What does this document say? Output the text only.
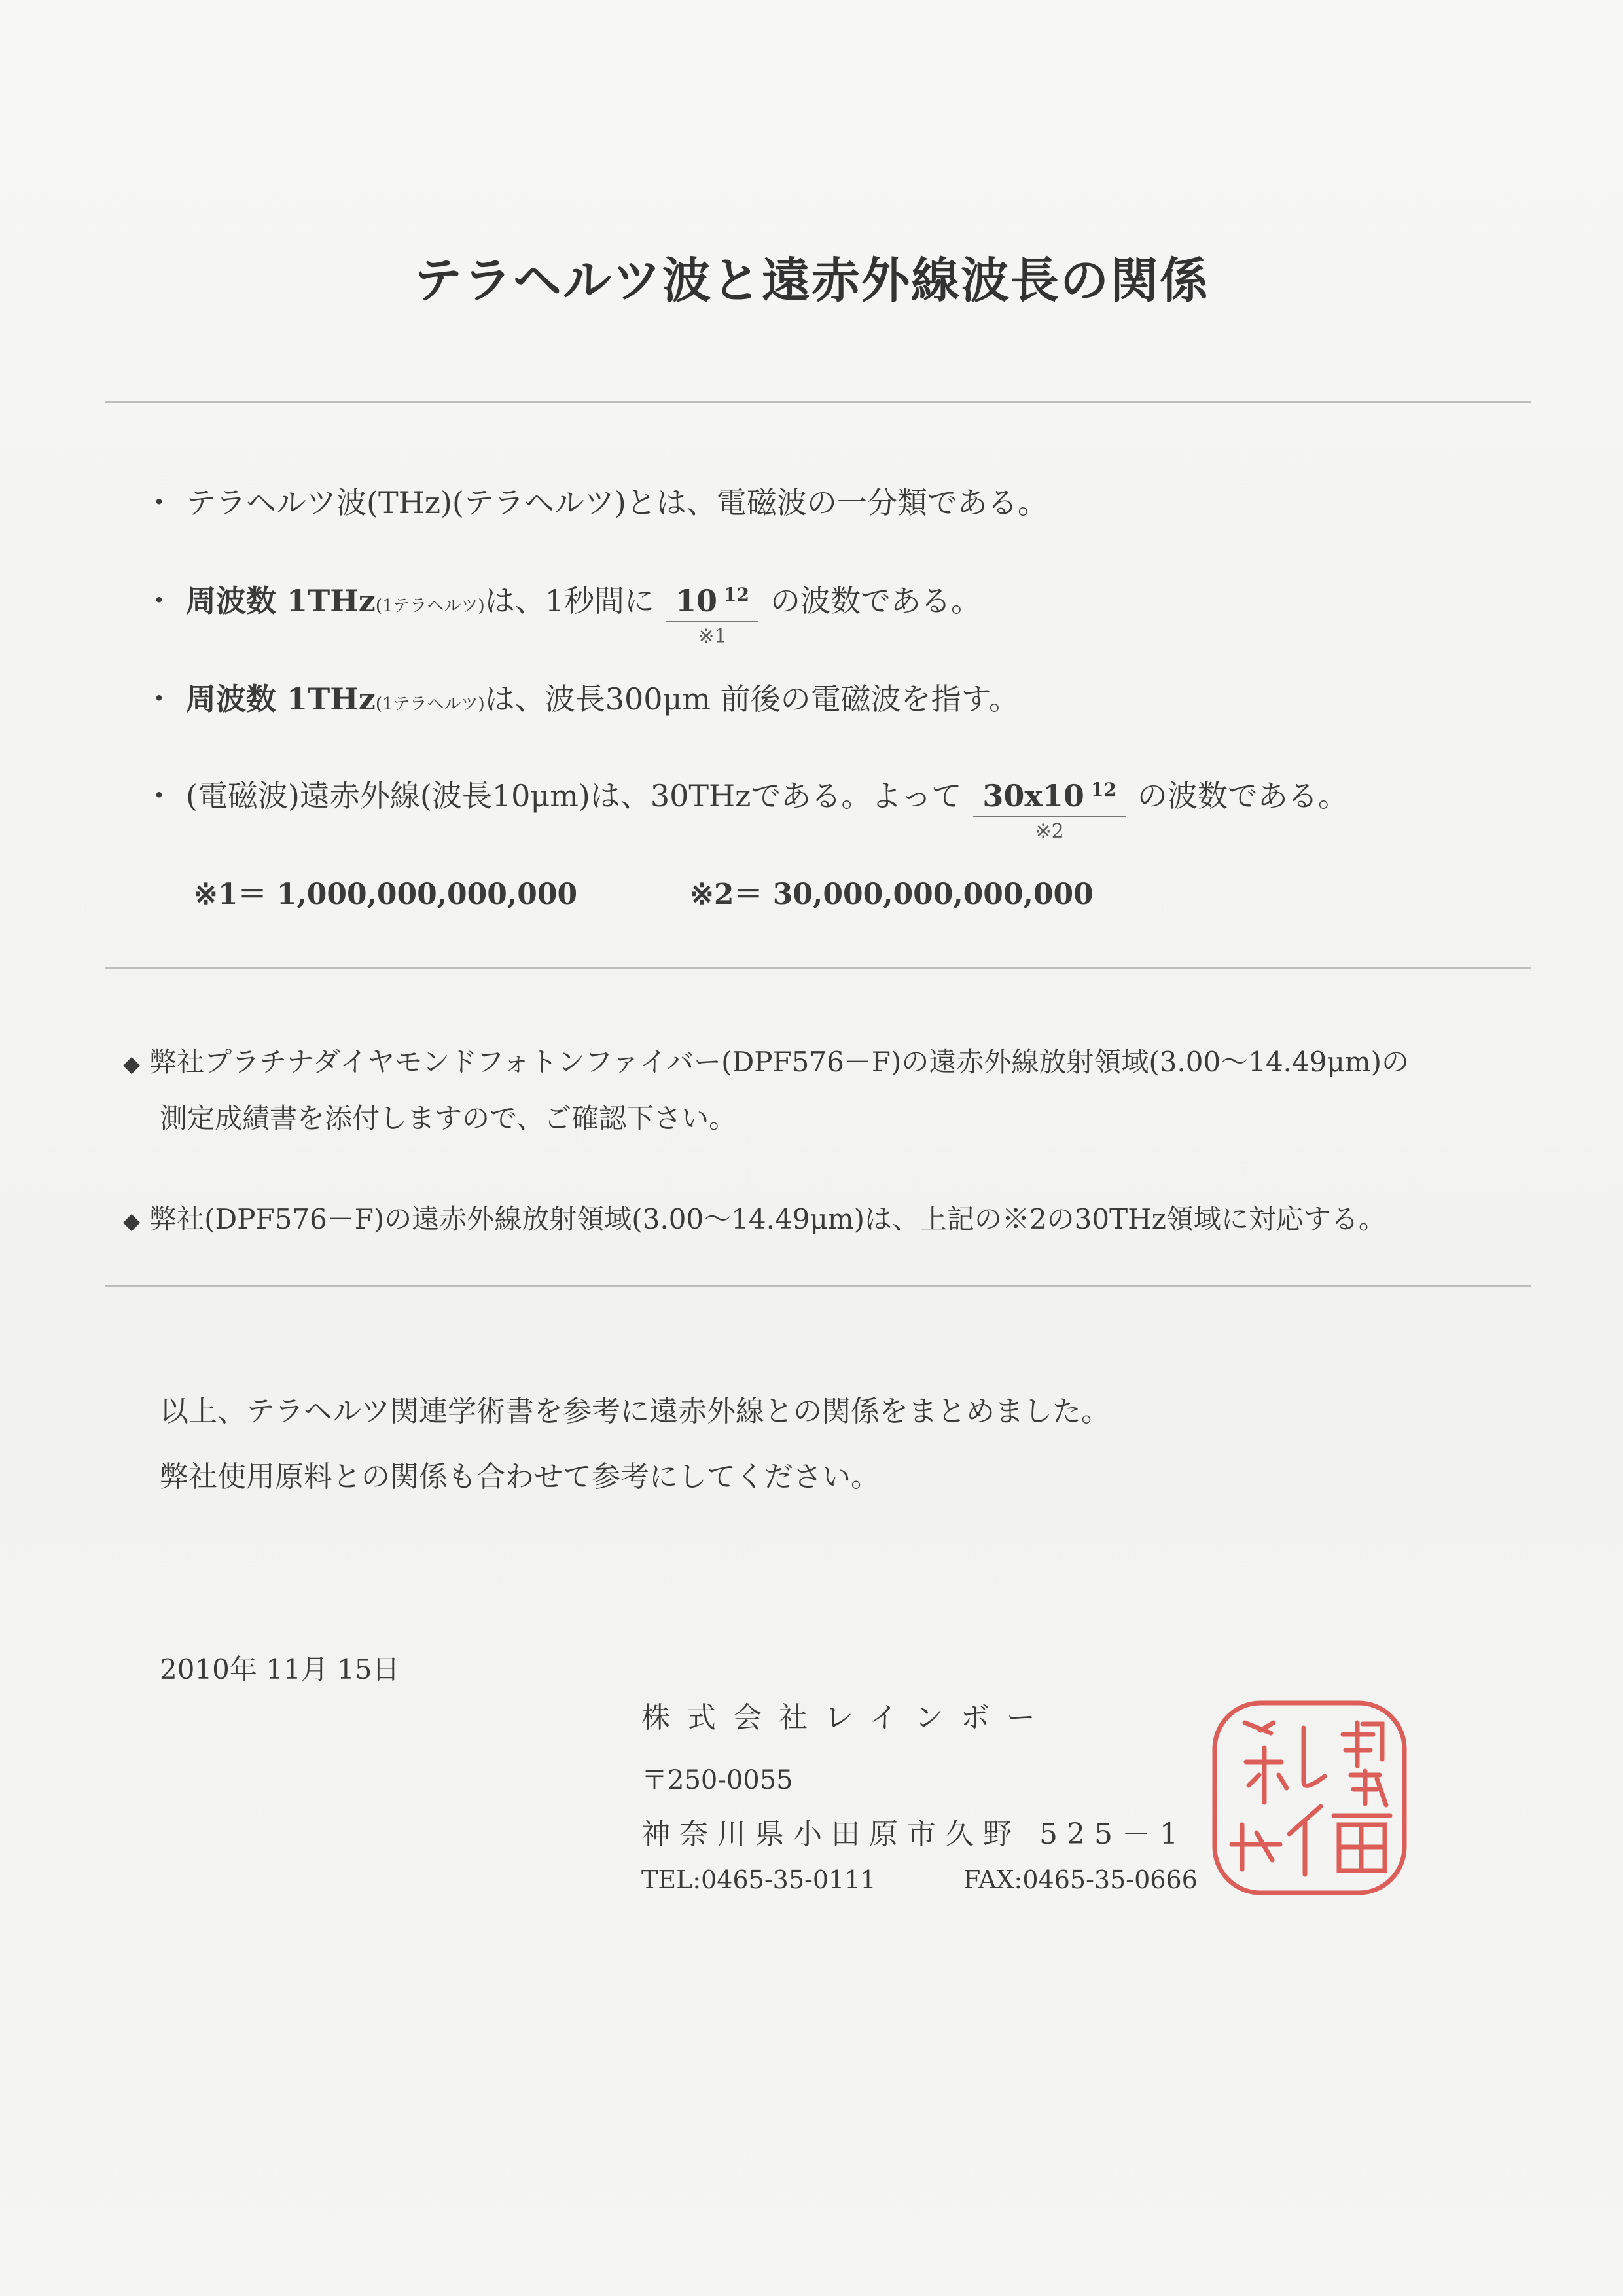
テラヘルツ波と遠赤外線波長の関係
・ テラヘルツ波(THz)(テラヘルツ)とは、電磁波の一分類である。
・ 周波数 1THz(1テラヘルツ)は、1秒間に $\frac{10 ^{12}}{※1}$ の波数である。
・ 周波数 1THz(1テラヘルツ)は、波長300μm 前後の電磁波を指す。
・ (電磁波)遠赤外線(波長10μm)は、30THzである。よって $\frac{30x10 ^{12}}{※2}$ の波数である。
※1＝ 1,000,000,000,000	※2＝ 30,000,000,000,000
◆ 弊社プラチナダイヤモンドフォトンファイバー(DPF576－F)の遠赤外線放射領域(3.00～14.49μm)の
測定成績書を添付しますので、ご確認下さい。
◆ 弊社(DPF576－F)の遠赤外線放射領域(3.00～14.49μm)は、上記の※2の30THz領域に対応する。
以上、テラヘルツ関連学術書を参考に遠赤外線との関係をまとめました。
弊社使用原料との関係も合わせて参考にしてください。
2010年 11月 15日
株式会社レインボー
〒250-0055
神奈川県小田原市久野 525－1
TEL:0465-35-0111	FAX:0465-35-0666
